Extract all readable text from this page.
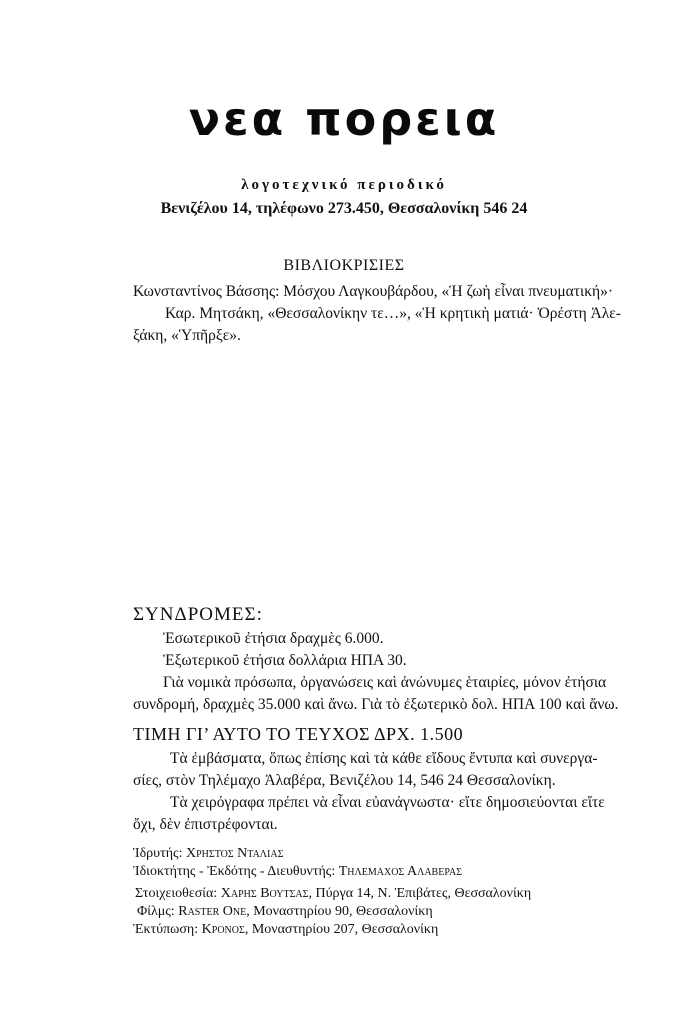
νεα πορεια
λογοτεχνικό περιοδικό
Βενιζέλου 14, τηλέφωνο 273.450, Θεσσαλονίκη 546 24
ΒΙΒΛΙΟΚΡΙΣΙΕΣ
Κωνσταντίνος Βάσσης: Μόσχου Λαγκουβάρδου, «Ἡ ζωὴ εἶναι πνευματική»·
Καρ. Μητσάκη, «Θεσσαλονίκην τε…», «Ἡ κρητικὴ ματιά· Ὀρέστη Ἀλε-
ξάκη, «Ὑπῆρξε».
ΣΥΝΔΡΟΜΕΣ:
Ἐσωτερικοῦ ἐτήσια δραχμὲς 6.000.
Ἐξωτερικοῦ ἐτήσια δολλάρια ΗΠΑ 30.
Γιὰ νομικὰ πρόσωπα, ὀργανώσεις καὶ ἀνώνυμες ἑταιρίες, μόνον ἐτήσια
συνδρομή, δραχμὲς 35.000 καὶ ἄνω. Γιὰ τὸ ἐξωτερικὸ δολ. ΗΠΑ 100 καὶ ἄνω.
ΤΙΜΗ ΓΙ’ ΑΥΤΟ ΤΟ ΤΕΥΧΟΣ ΔΡΧ. 1.500
Τὰ ἐμβάσματα, ὅπως ἐπίσης καὶ τὰ κάθε εἴδους ἔντυπα καὶ συνεργα-
σίες, στὸν Τηλέμαχο Ἀλαβέρα, Βενιζέλου 14, 546 24 Θεσσαλονίκη.
Τὰ χειρόγραφα πρέπει νὰ εἶναι εὐανάγνωστα· εἴτε δημοσιεύονται εἴτε
ὄχι, δὲν ἐπιστρέφονται.
Ἱδρυτής: Χρηστος Νταλιας
Ἰδιοκτήτης - Ἐκδότης - Διευθυντής: Τηλεμαχος Αλαβερας
Στοιχειοθεσία: Χαρης Βουτσας, Πύργα 14, Ν. Ἐπιβάτες, Θεσσαλονίκη
Φίλμς: Raster One, Μοναστηρίου 90, Θεσσαλονίκη
Ἐκτύπωση: Κρονος, Μοναστηρίου 207, Θεσσαλονίκη
